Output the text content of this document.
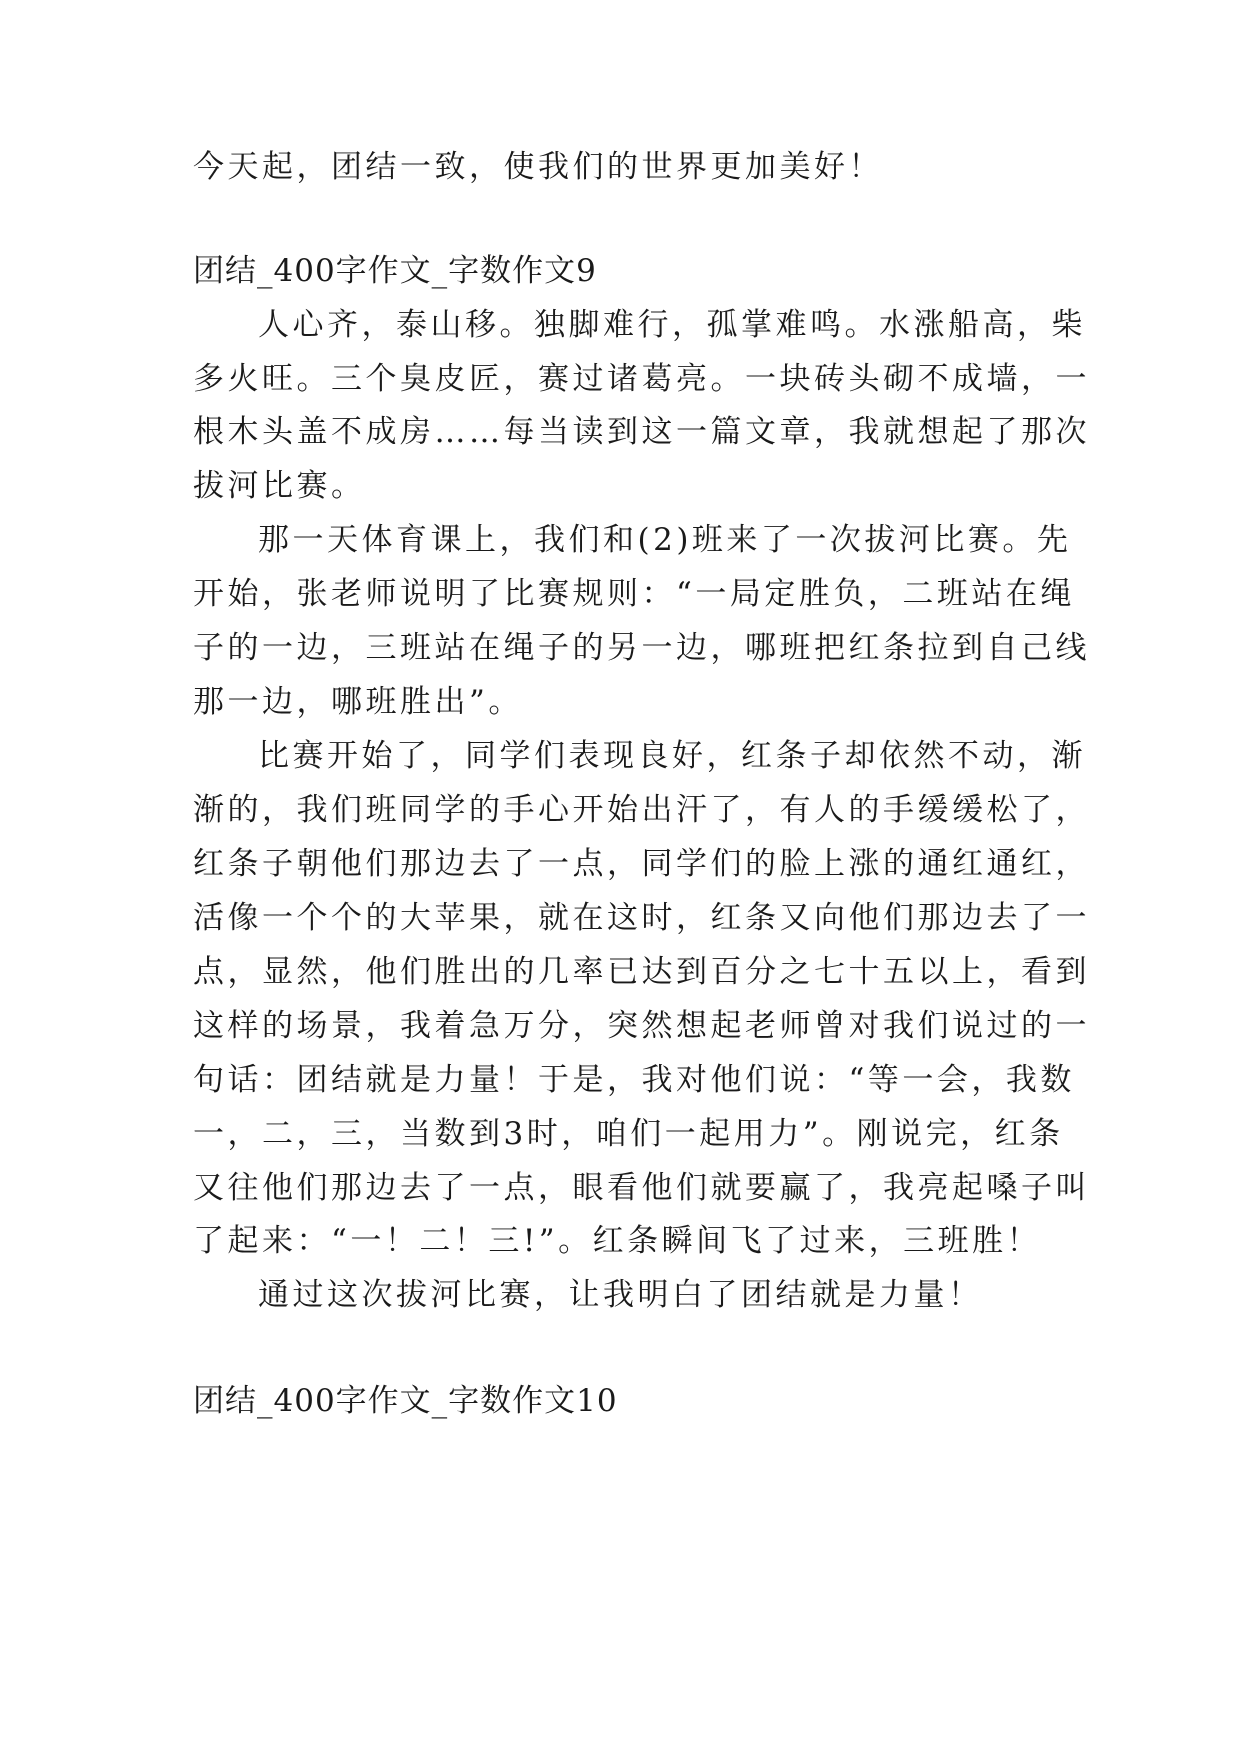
今天起，团结一致，使我们的世界更加美好！
团结_400字作文_字数作文9
人心齐，泰山移。独脚难行，孤掌难鸣。水涨船高，柴
多火旺。三个臭皮匠，赛过诸葛亮。一块砖头砌不成墙，一
根木头盖不成房……每当读到这一篇文章，我就想起了那次
拔河比赛。
那一天体育课上，我们和(2)班来了一次拔河比赛。先
开始，张老师说明了比赛规则：“一局定胜负，二班站在绳
子的一边，三班站在绳子的另一边，哪班把红条拉到自己线
那一边，哪班胜出”。
比赛开始了，同学们表现良好，红条子却依然不动，渐
渐的，我们班同学的手心开始出汗了，有人的手缓缓松了，
红条子朝他们那边去了一点，同学们的脸上涨的通红通红，
活像一个个的大苹果，就在这时，红条又向他们那边去了一
点，显然，他们胜出的几率已达到百分之七十五以上，看到
这样的场景，我着急万分，突然想起老师曾对我们说过的一
句话：团结就是力量！于是，我对他们说：“等一会，我数
一，二，三，当数到3时，咱们一起用力”。刚说完，红条
又往他们那边去了一点，眼看他们就要赢了，我亮起嗓子叫
了起来：“一！二！三!”。红条瞬间飞了过来，三班胜！
通过这次拔河比赛，让我明白了团结就是力量！
团结_400字作文_字数作文10
